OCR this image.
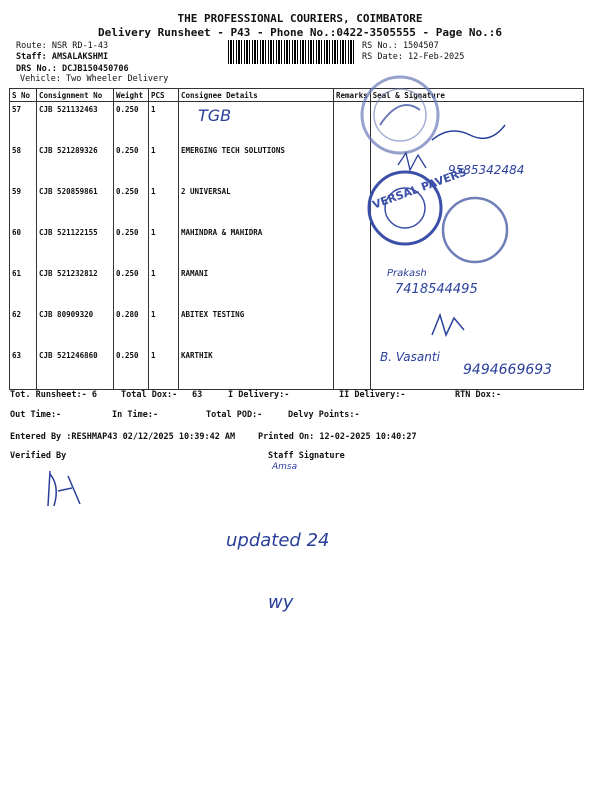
THE PROFESSIONAL COURIERS, COIMBATORE
Delivery Runsheet - P43 - Phone No.:0422-3505555 - Page No.:6
Route: NSR RD-1-43
Staff: AMSALAKSHMI
DRS No.: DCJB150450706
Vehicle: Two Wheeler Delivery
RS No.: 1504507
RS Date: 12-Feb-2025
S No	Consignment No	Weight	PCS	Consignee Details	Remarks	Seal & Signature
57	CJB 521132463	0.250	1			
58	CJB 521289326	0.250	1	EMERGING TECH SOLUTIONS		
59	CJB 520859861	0.250	1	2 UNIVERSAL		
60	CJB 521122155	0.250	1	MAHINDRA & MAHIDRA		
61	CJB 521232812	0.250	1	RAMANI		
62	CJB 80909320	0.280	1	ABITEX TESTING		
63	CJB 521246860	0.250	1	KARTHIK		
TGB
9585342484
VERSAL PAVERS
Prakash
7418544495
B. Vasanti
9494669693
Tot. Runsheet:- 6	Total Dox:- 63	I Delivery:-	II Delivery:-	RTN Dox:-
Out Time:-	In Time:-	Total POD:-	Delvy Points:-
Entered By :RESHMAP43 02/12/2025 10:39:42 AM	Printed On: 12-02-2025 10:40:27
Verified By	Staff Signature
Amsa
updated 24
wy
